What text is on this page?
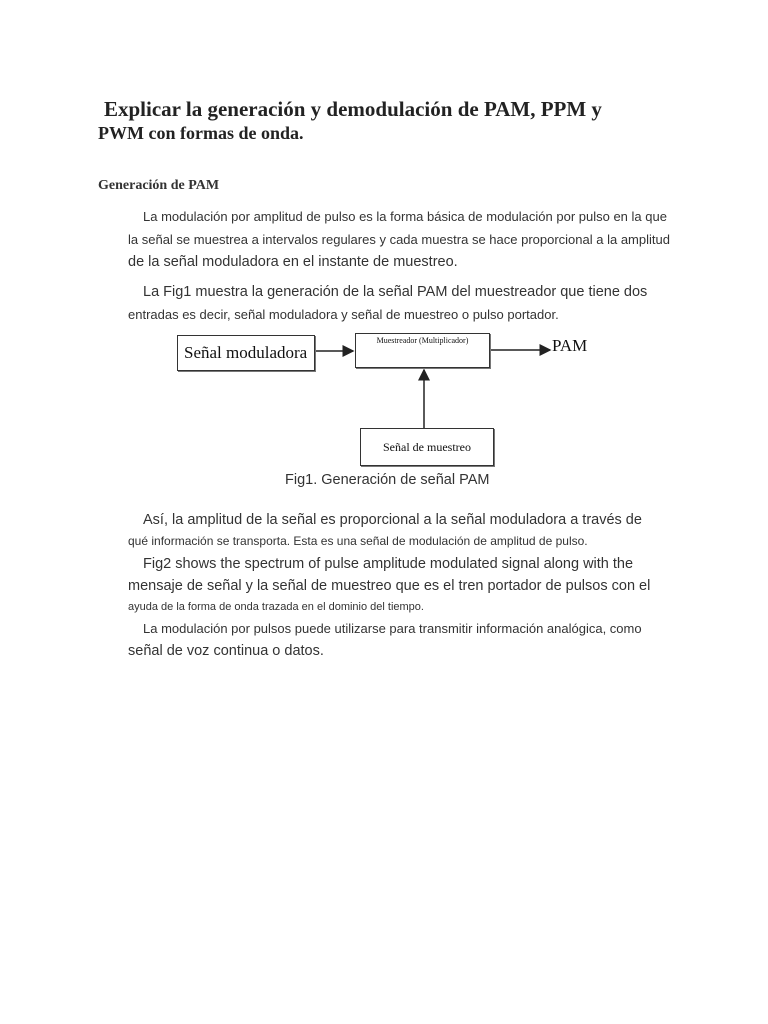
Explicar la generación y demodulación de PAM, PPM y
PWM con formas de onda.
Generación de PAM

La modulación por amplitud de pulso es la forma básica de modulación por pulso en la que
la señal se muestrea a intervalos regulares y cada muestra se hace proporcional a la amplitud
de la señal moduladora en el instante de muestreo.

La Fig1 muestra la generación de la señal PAM del muestreador que tiene dos
entradas es decir, señal moduladora y señal de muestreo o pulso portador.

Señal moduladora
Muestreador (Multiplicador)
Señal de muestreo
PAM
Fig1. Generación de señal PAM

Así, la amplitud de la señal es proporcional a la señal moduladora a través de
qué información se transporta. Esta es una señal de modulación de amplitud de pulso.

Fig2 shows the spectrum of pulse amplitude modulated signal along with the
mensaje de señal y la señal de muestreo que es el tren portador de pulsos con el
ayuda de la forma de onda trazada en el dominio del tiempo.

La modulación por pulsos puede utilizarse para transmitir información analógica, como
señal de voz continua o datos.
